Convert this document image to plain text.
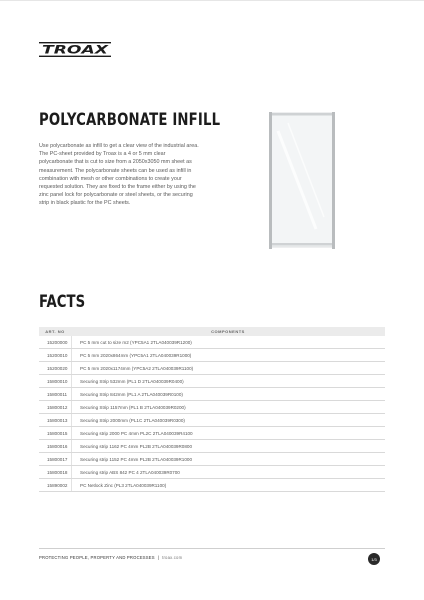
TROAX
POLYCARBONATE INFILL

Use polycarbonate as infill to get a clear view of the industrial area. The PC-sheet provided by Troax is a 4 or 5 mm clear polycarbonate that is cut to size from a 2050x3050 mm sheet as measurement. The polycarbonate sheets can be used as infill in combination with mesh or other combinations to create your requested solution. They are fixed to the frame either by using the zinc panel lock for polycarbonate or steel sheets, or the securing strip in black plastic for the PC sheets.

FACTS
ART. NO	COMPONENTS
15200000	PC 5 mm cut to size m2 (YPC5A1 2TLA040039R1200)
15200010	PC 5 mm 2020x864mm (YPC5A1 2TLA040039R1000)
15200020	PC 5 mm 2020x1174mm (YPC5A2 2TLA040039R1100)
15800010	Securing Strip 532mm (PL1 D 2TLA040039R0400)
15800011	Securing Strip 842mm (PL1 A 2TLA040039R0100)
15800012	Securing Strip 1157mm (PL1 B 2TLA040039R0200)
15800013	Securing Strip 2000mm (PL1C 2TLA040039R0300)
15800015	Securing strip 2000 PC 4mm PL2C 2TLA040039R4100
15800016	Securing strip 1162 PC 4mm PL2B 2TLA040039R0800
15800017	Securing strip 1152 PC 4mm PL2B 2TLA040039R1000
15800018	Securing strip ABS 842 PC 4 2TLA040039R0700
15890002	PC Netlock Zinc (PL3 2TLA040039R1100)
PROTECTING PEOPLE, PROPERTY AND PROCESSES | troax.com	1/3
